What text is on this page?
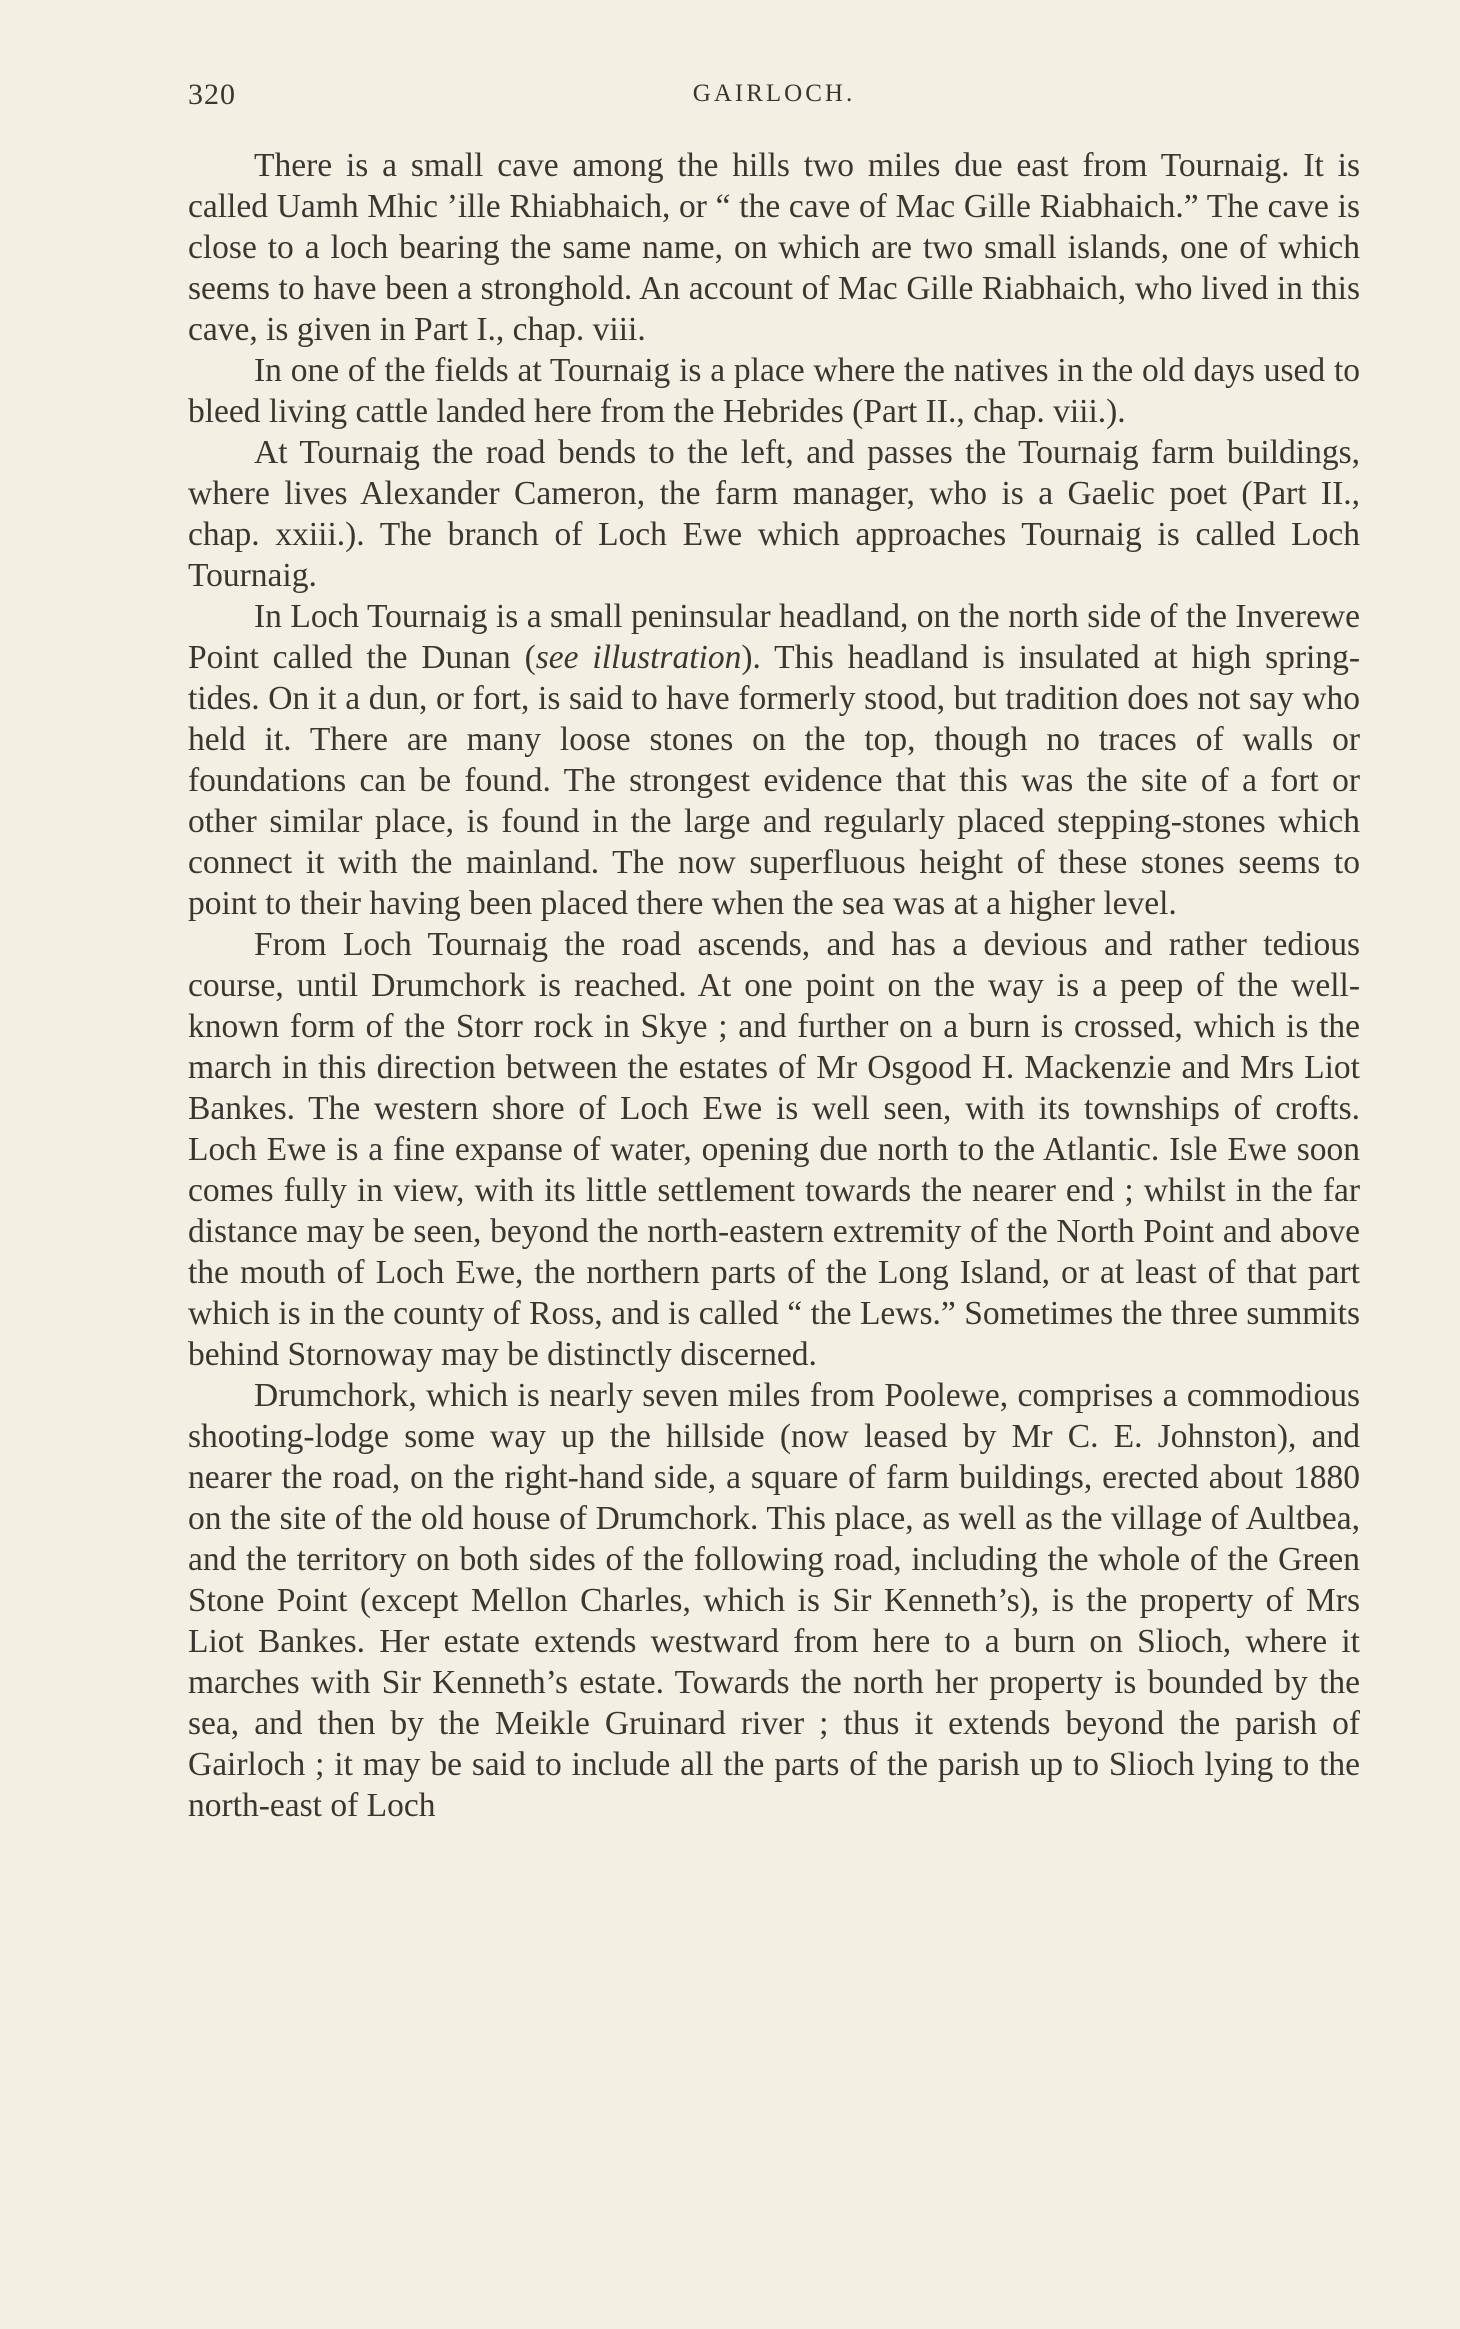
320	GAIRLOCH.

There is a small cave among the hills two miles due east from Tournaig. It is called Uamh Mhic ’ille Rhiabhaich, or “ the cave of Mac Gille Riabhaich.” The cave is close to a loch bearing the same name, on which are two small islands, one of which seems to have been a stronghold. An account of Mac Gille Riabhaich, who lived in this cave, is given in Part I., chap. viii.

In one of the fields at Tournaig is a place where the natives in the old days used to bleed living cattle landed here from the Hebrides (Part II., chap. viii.).

At Tournaig the road bends to the left, and passes the Tournaig farm buildings, where lives Alexander Cameron, the farm manager, who is a Gaelic poet (Part II., chap. xxiii.). The branch of Loch Ewe which approaches Tournaig is called Loch Tournaig.

In Loch Tournaig is a small peninsular headland, on the north side of the Inverewe Point called the Dunan (see illustration). This headland is insulated at high spring-tides. On it a dun, or fort, is said to have formerly stood, but tradition does not say who held it. There are many loose stones on the top, though no traces of walls or foundations can be found. The strongest evidence that this was the site of a fort or other similar place, is found in the large and regularly placed stepping-stones which connect it with the mainland. The now superfluous height of these stones seems to point to their having been placed there when the sea was at a higher level.

From Loch Tournaig the road ascends, and has a devious and rather tedious course, until Drumchork is reached. At one point on the way is a peep of the well-known form of the Storr rock in Skye ; and further on a burn is crossed, which is the march in this direction between the estates of Mr Osgood H. Mackenzie and Mrs Liot Bankes. The western shore of Loch Ewe is well seen, with its townships of crofts. Loch Ewe is a fine expanse of water, opening due north to the Atlantic. Isle Ewe soon comes fully in view, with its little settlement towards the nearer end ; whilst in the far distance may be seen, beyond the north-eastern extremity of the North Point and above the mouth of Loch Ewe, the northern parts of the Long Island, or at least of that part which is in the county of Ross, and is called “ the Lews.” Sometimes the three summits behind Stornoway may be distinctly discerned.

Drumchork, which is nearly seven miles from Poolewe, comprises a commodious shooting-lodge some way up the hillside (now leased by Mr C. E. Johnston), and nearer the road, on the right-hand side, a square of farm buildings, erected about 1880 on the site of the old house of Drumchork. This place, as well as the village of Aultbea, and the territory on both sides of the following road, including the whole of the Green Stone Point (except Mellon Charles, which is Sir Kenneth’s), is the property of Mrs Liot Bankes. Her estate extends westward from here to a burn on Slioch, where it marches with Sir Kenneth’s estate. Towards the north her property is bounded by the sea, and then by the Meikle Gruinard river ; thus it extends beyond the parish of Gairloch ; it may be said to include all the parts of the parish up to Slioch lying to the north-east of Loch
